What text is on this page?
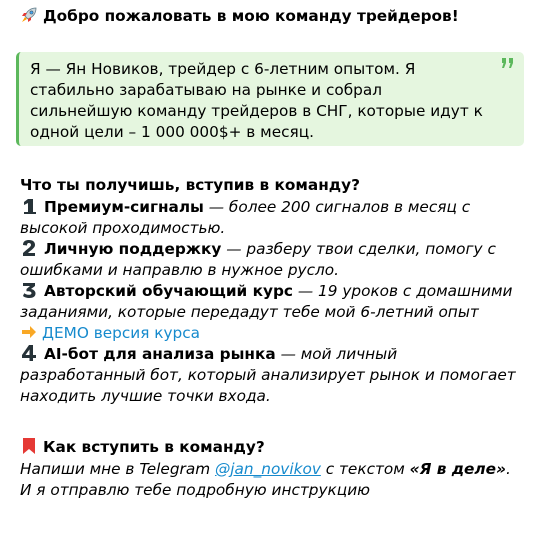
Добро пожаловать в мою команду трейдеров!
Я — Ян Новиков, трейдер с 6-летним опытом. Я стабильно зарабатываю на рынке и собрал сильнейшую команду трейдеров в СНГ, которые идут к одной цели – 1 000 000$+ в месяц.
Что ты получишь, вступив в команду?

1 Премиум-сигналы — более 200 сигналов в месяц с высокой проходимостью.

2 Личную поддержку — разберу твои сделки, помогу с ошибками и направлю в нужное русло.

3 Авторский обучающий курс — 19 уроков с домашними заданиями, которые передадут тебе мой 6-летний опыт

ДЕМО версия курса

4 AI-бот для анализа рынка — мой личный разработанный бот, который анализирует рынок и помогает находить лучшие точки входа.

Как вступить в команду?
Напиши мне в Telegram @jan_novikov с текстом «Я в деле». И я отправлю тебе подробную инструкцию
